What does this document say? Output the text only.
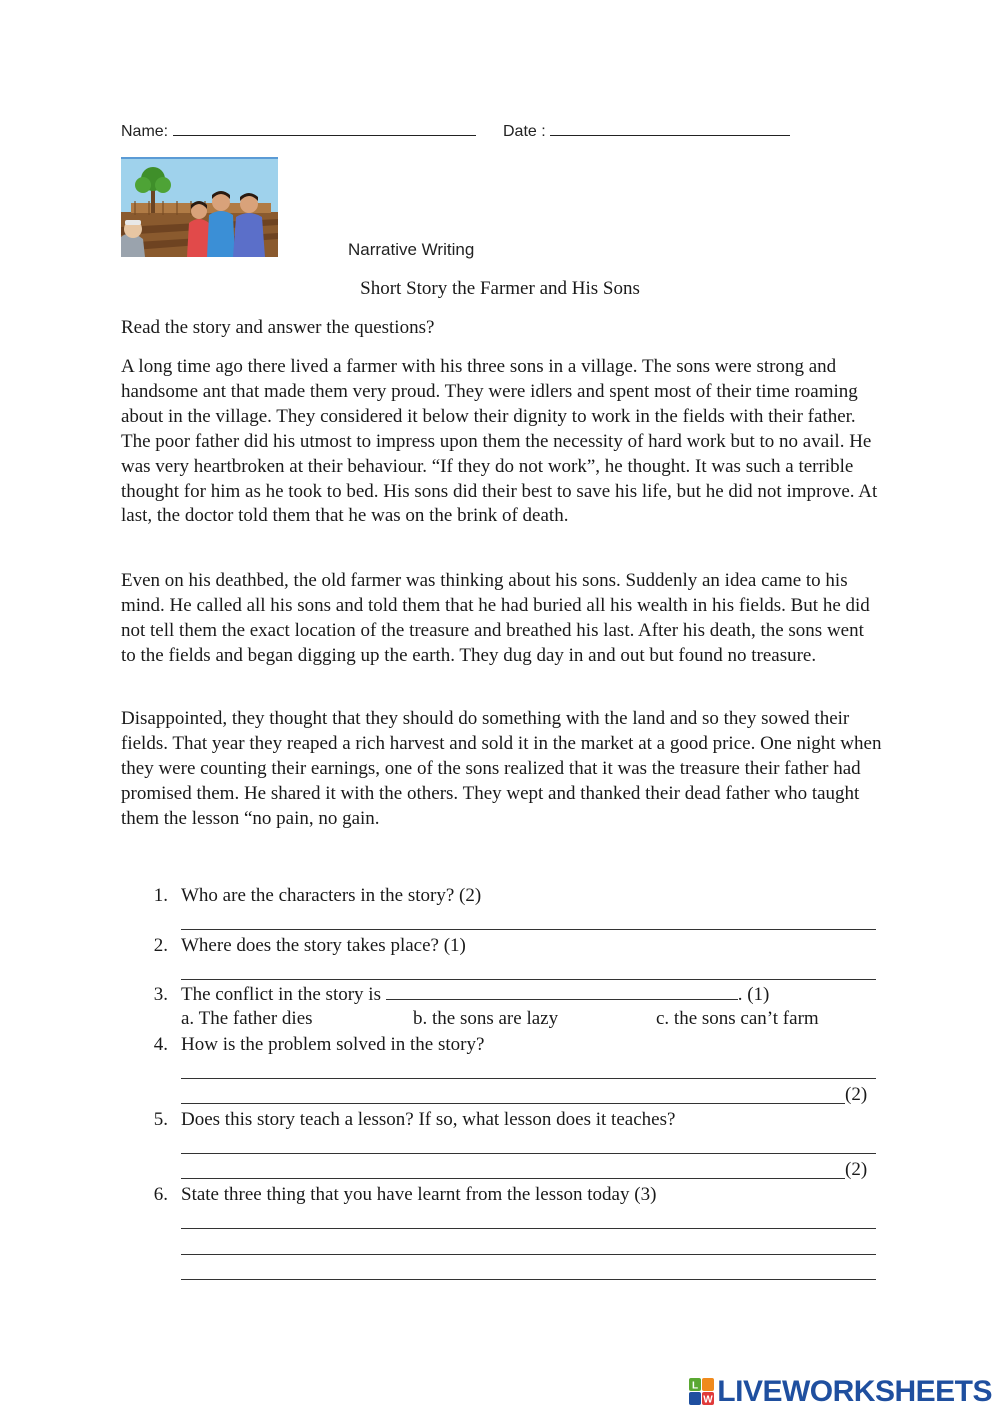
Name:	Date :
Narrative Writing
Short Story the Farmer and His Sons
Read the story and answer the questions?

A long time ago there lived a farmer with his three sons in a village. The sons were strong and handsome ant that made them very proud. They were idlers and spent most of their time roaming about in the village. They considered it below their dignity to work in the fields with their father. The poor father did his utmost to impress upon them the necessity of hard work but to no avail. He was very heartbroken at their behaviour. “If they do not work”, he thought. It was such a terrible thought for him as he took to bed. His sons did their best to save his life, but he did not improve. At last, the doctor told them that he was on the brink of death.

Even on his deathbed, the old farmer was thinking about his sons. Suddenly an idea came to his mind. He called all his sons and told them that he had buried all his wealth in his fields. But he did not tell them the exact location of the treasure and breathed his last. After his death, the sons went to the fields and began digging up the earth. They dug day in and out but found no treasure.

Disappointed, they thought that they should do something with the land and so they sowed their fields. That year they reaped a rich harvest and sold it in the market at a good price. One night when they were counting their earnings, one of the sons realized that it was the treasure their father had promised them. He shared it with the others. They wept and thanked their dead father who taught them the lesson “no pain, no gain.

1. Who are the characters in the story? (2)
2. Where does the story takes place? (1)
3. The conflict in the story is	. (1)
a. The father dies	b. the sons are lazy	c. the sons can’t farm
4. How is the problem solved in the story?
(2)
5. Does this story teach a lesson? If so, what lesson does it teaches?
(2)
6. State three thing that you have learnt from the lesson today (3)
L
W LIVEWORKSHEETS
